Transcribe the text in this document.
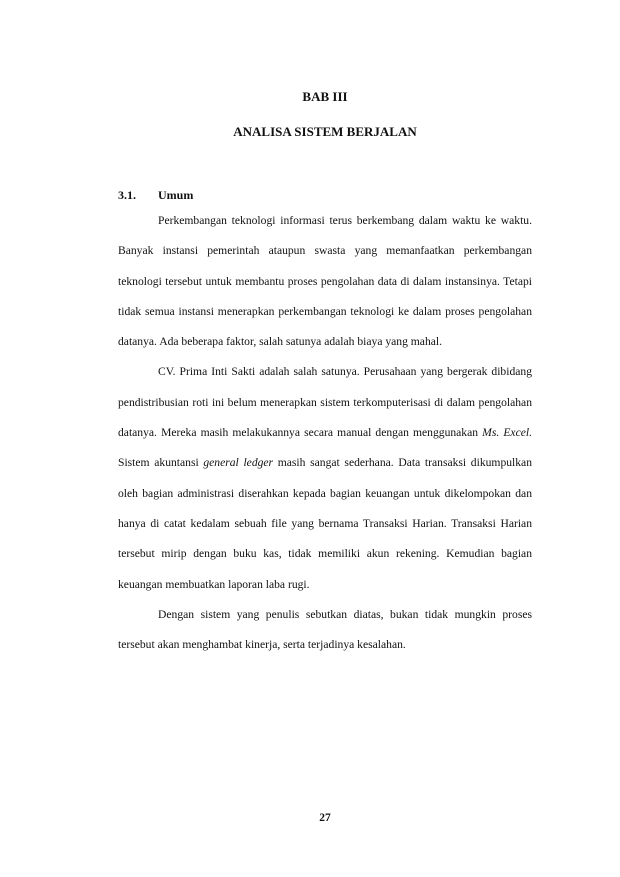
BAB III
ANALISA SISTEM BERJALAN
3.1. Umum

Perkembangan teknologi informasi terus berkembang dalam waktu ke waktu. Banyak instansi pemerintah ataupun swasta yang memanfaatkan perkembangan teknologi tersebut untuk membantu proses pengolahan data di dalam instansinya. Tetapi tidak semua instansi menerapkan perkembangan teknologi ke dalam proses pengolahan datanya. Ada beberapa faktor, salah satunya adalah biaya yang mahal.

CV. Prima Inti Sakti adalah salah satunya. Perusahaan yang bergerak dibidang pendistribusian roti ini belum menerapkan sistem terkomputerisasi di dalam pengolahan datanya. Mereka masih melakukannya secara manual dengan menggunakan Ms. Excel. Sistem akuntansi general ledger masih sangat sederhana. Data transaksi dikumpulkan oleh bagian administrasi diserahkan kepada bagian keuangan untuk dikelompokan dan hanya di catat kedalam sebuah file yang bernama Transaksi Harian. Transaksi Harian tersebut mirip dengan buku kas, tidak memiliki akun rekening. Kemudian bagian keuangan membuatkan laporan laba rugi.

Dengan sistem yang penulis sebutkan diatas, bukan tidak mungkin proses tersebut akan menghambat kinerja, serta terjadinya kesalahan.

27
